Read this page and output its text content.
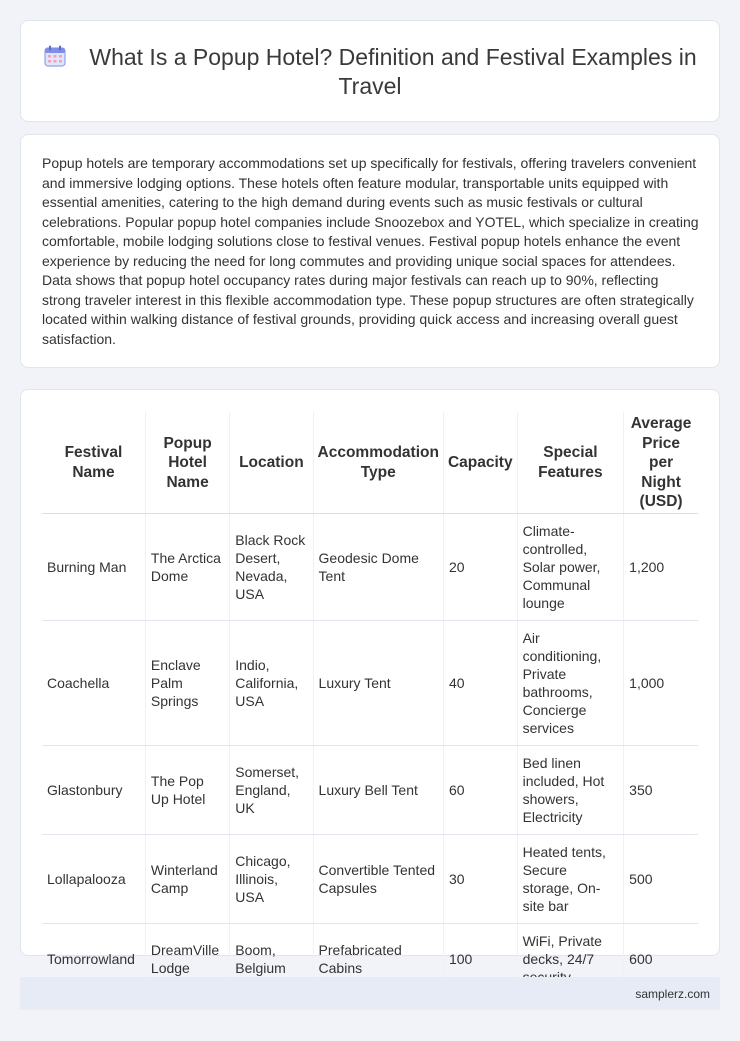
What Is a Popup Hotel? Definition and Festival Examples in Travel

Popup hotels are temporary accommodations set up specifically for festivals, offering travelers convenient and immersive lodging options. These hotels often feature modular, transportable units equipped with essential amenities, catering to the high demand during events such as music festivals or cultural celebrations. Popular popup hotel companies include Snoozebox and YOTEL, which specialize in creating comfortable, mobile lodging solutions close to festival venues. Festival popup hotels enhance the event experience by reducing the need for long commutes and providing unique social spaces for attendees. Data shows that popup hotel occupancy rates during major festivals can reach up to 90%, reflecting strong traveler interest in this flexible accommodation type. These popup structures are often strategically located within walking distance of festival grounds, providing quick access and increasing overall guest satisfaction.

Festival Name	Popup Hotel Name	Location	Accommodation Type	Capacity	Special Features	Average Price per Night (USD)
Burning Man	The Arctica Dome	Black Rock Desert, Nevada, USA	Geodesic Dome Tent	20	Climate-controlled, Solar power, Communal lounge	1,200
Coachella	Enclave Palm Springs	Indio, California, USA	Luxury Tent	40	Air conditioning, Private bathrooms, Concierge services	1,000
Glastonbury	The Pop Up Hotel	Somerset, England, UK	Luxury Bell Tent	60	Bed linen included, Hot showers, Electricity	350
Lollapalooza	Winterland Camp	Chicago, Illinois, USA	Convertible Tented Capsules	30	Heated tents, Secure storage, On-site bar	500
Tomorrowland	DreamVille Lodge	Boom, Belgium	Prefabricated Cabins	100	WiFi, Private decks, 24/7	600
samplerz.com
